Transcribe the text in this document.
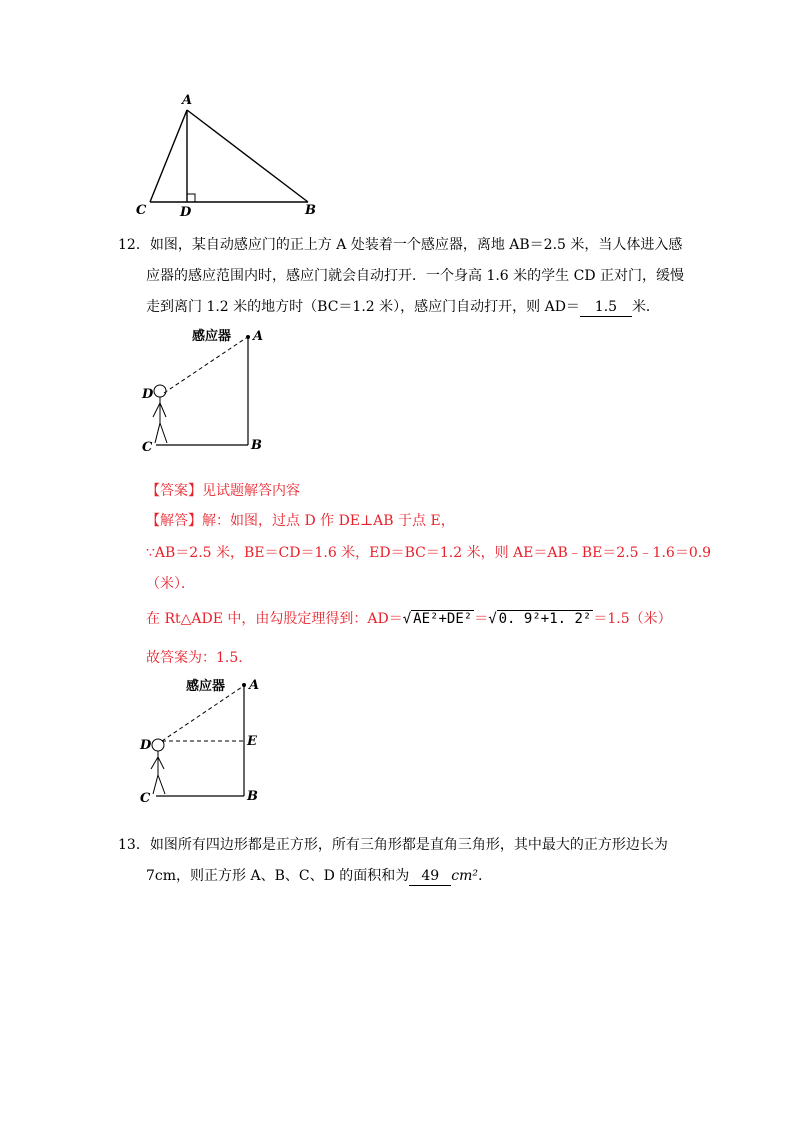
A
C	D	B
12．如图，某自动感应门的正上方 A 处装着一个感应器，离地 AB＝2.5 米，当人体进入感
应器的感应范围内时，感应门就会自动打开．一个身高 1.6 米的学生 CD 正对门，缓慢
走到离门 1.2 米的地方时（BC＝1.2 米），感应门自动打开，则 AD＝ 1.5 米．
感应器 A
D
C	B
【答案】见试题解答内容
【解答】解：如图，过点 D 作 DE⊥AB 于点 E，
∵AB＝2.5 米，BE＝CD＝1.6 米，ED＝BC＝1.2 米，则 AE＝AB﹣BE＝2.5﹣1.6＝0.9
（米）．
在 Rt△ADE 中，由勾股定理得到：AD＝√ AE²+DE² ＝√ 0. 9²+1. 2² ＝1.5（米）
故答案为：1.5.
感应器 A
D	E
C	B
13．如图所有四边形都是正方形，所有三角形都是直角三角形，其中最大的正方形边长为
7cm，则正方形 A、B、C、D 的面积和为 49 cm².
